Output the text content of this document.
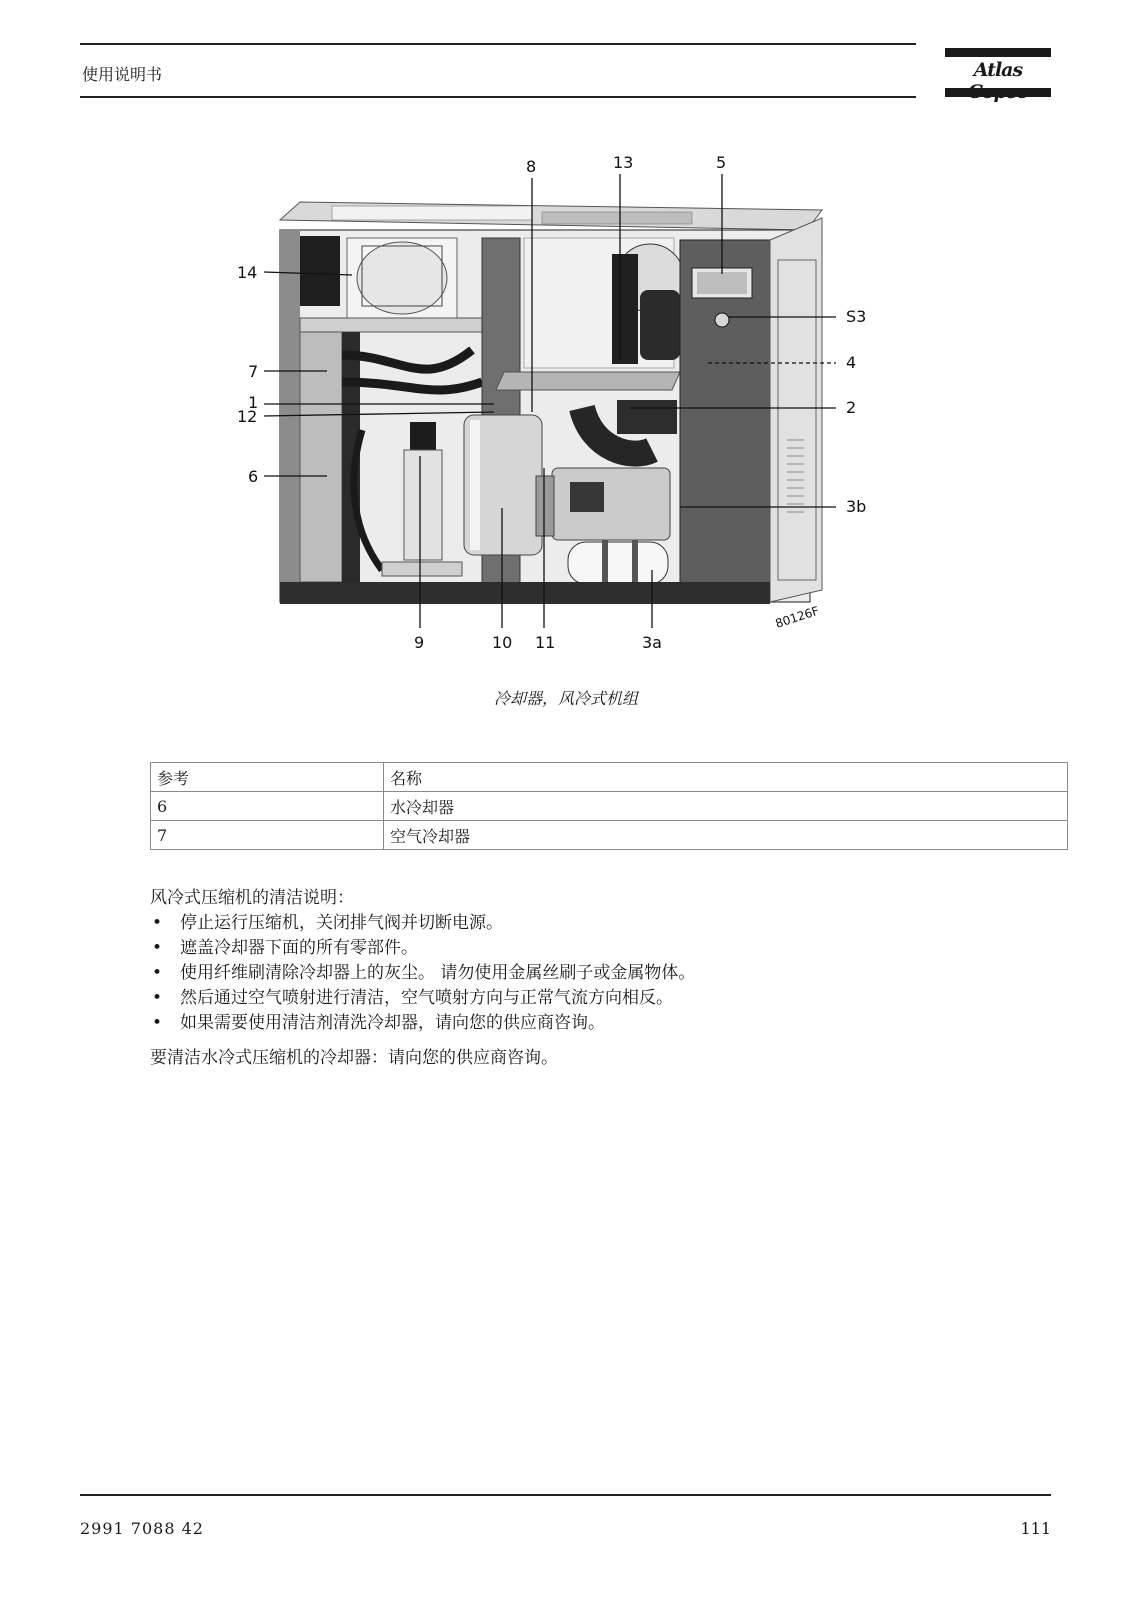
使用说明书	Atlas
8	13	5
14
S3
7	4
1
12	2
6
3b
9	10 11	3a
80126F
冷却器，风冷式机组
参考	名称
6	水冷却器
7	空气冷却器
风冷式压缩机的清洁说明：
• 停止运行压缩机，关闭排气阀并切断电源。
• 遮盖冷却器下面的所有零部件。
• 使用纤维刷清除冷却器上的灰尘。 请勿使用金属丝刷子或金属物体。
• 然后通过空气喷射进行清洁，空气喷射方向与正常气流方向相反。
• 如果需要使用清洁剂清洗冷却器，请向您的供应商咨询。
要清洁水冷式压缩机的冷却器：请向您的供应商咨询。
2991 7088 42	111
